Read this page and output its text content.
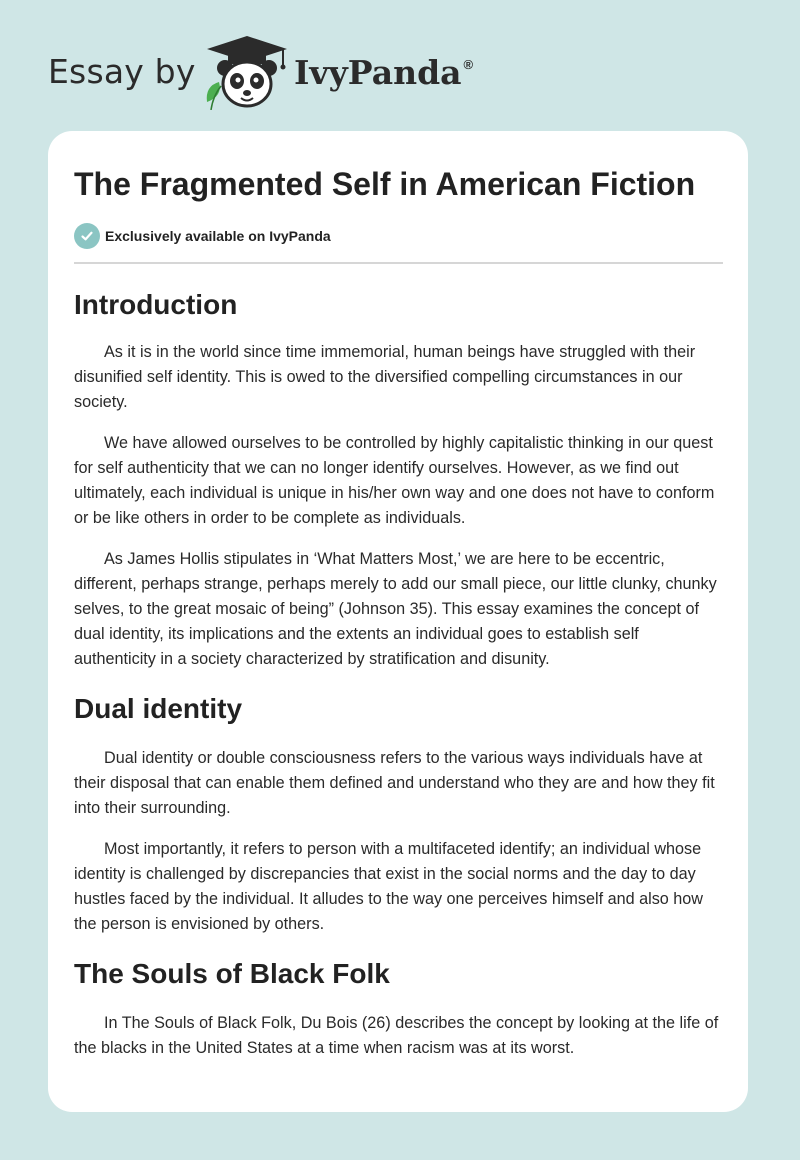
Essay by	IvyPanda ®
The Fragmented Self in American Fiction
Exclusively available on IvyPanda
Introduction

As it is in the world since time immemorial, human beings have struggled with their disunified self identity. This is owed to the diversified compelling circumstances in our society.

We have allowed ourselves to be controlled by highly capitalistic thinking in our quest for self authenticity that we can no longer identify ourselves. However, as we find out ultimately, each individual is unique in his/her own way and one does not have to conform or be like others in order to be complete as individuals.

As James Hollis stipulates in ‘What Matters Most,’ we are here to be eccentric, different, perhaps strange, perhaps merely to add our small piece, our little clunky, chunky selves, to the great mosaic of being” (Johnson 35). This essay examines the concept of dual identity, its implications and the extents an individual goes to establish self authenticity in a society characterized by stratification and disunity.

Dual identity

Dual identity or double consciousness refers to the various ways individuals have at their disposal that can enable them defined and understand who they are and how they fit into their surrounding.

Most importantly, it refers to person with a multifaceted identify; an individual whose identity is challenged by discrepancies that exist in the social norms and the day to day hustles faced by the individual. It alludes to the way one perceives himself and also how the person is envisioned by others.

The Souls of Black Folk

In The Souls of Black Folk, Du Bois (26) describes the concept by looking at the life of the blacks in the United States at a time when racism was at its worst.
